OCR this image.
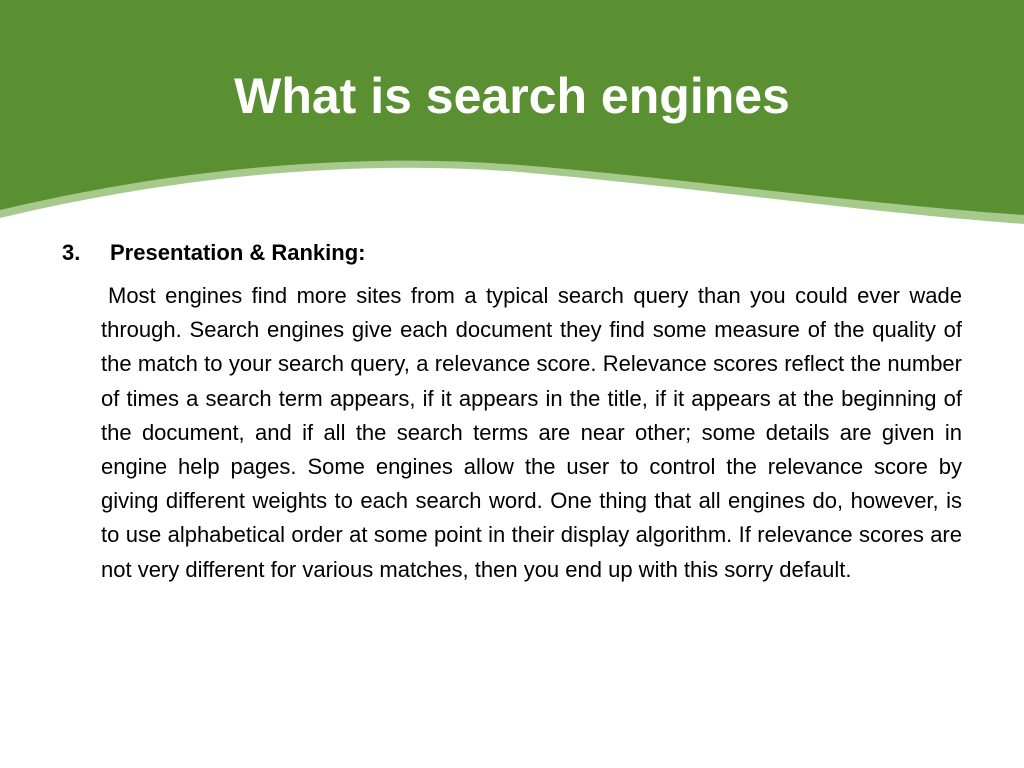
What is search engines
3. Presentation & Ranking:

Most engines find more sites from a typical search query than you could ever wade through. Search engines give each document they find some measure of the quality of the match to your search query, a relevance score. Relevance scores reflect the number of times a search term appears, if it appears in the title, if it appears at the beginning of the document, and if all the search terms are near other; some details are given in engine help pages. Some engines allow the user to control the relevance score by giving different weights to each search word. One thing that all engines do, however, is to use alphabetical order at some point in their display algorithm. If relevance scores are not very different for various matches, then you end up with this sorry default.
